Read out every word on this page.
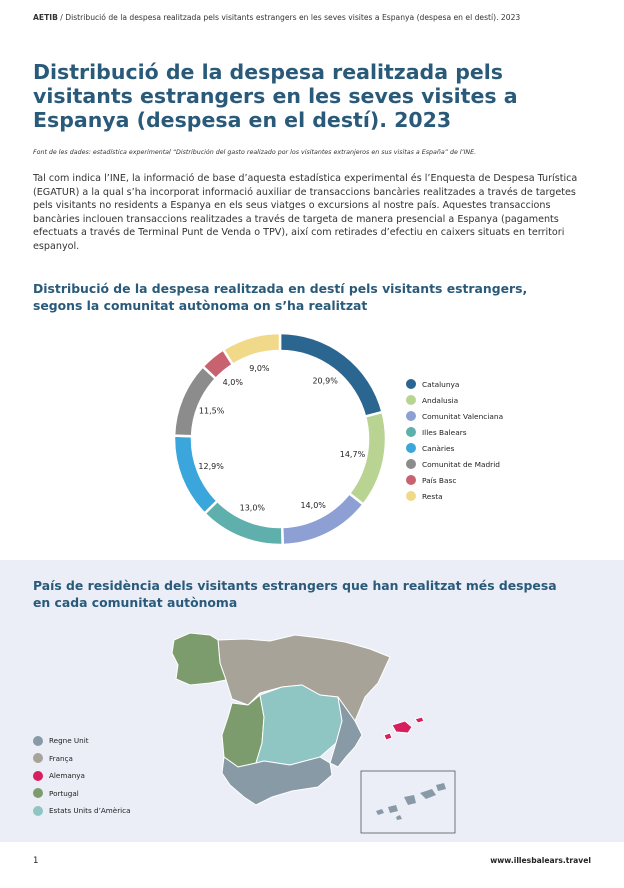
AETIB / Distribució de la despesa realitzada pels visitants estrangers en les seves visites a Espanya (despesa en el destí). 2023
Distribució de la despesa realitzada pels visitants estrangers en les seves visites a Espanya (despesa en el destí). 2023
Font de les dades: estadística experimental “Distribución del gasto realizado por los visitantes extranjeros en sus visitas a España” de l’INE.

Tal com indica l’INE, la informació de base d’aquesta estadística experimental és l’Enquesta de Despesa Turística (EGATUR) a la qual s’ha incorporat informació auxiliar de transaccions bancàries realitzades a través de targetes pels visitants no residents a Espanya en els seus viatges o excursions al nostre país. Aquestes transaccions bancàries inclouen transaccions realitzades a través de targeta de manera presencial a Espanya (pagaments efectuats a través de Terminal Punt de Venda o TPV), així com retirades d’efectiu en caixers situats en territori espanyol.

Distribució de la despesa realitzada en destí pels visitants estrangers, segons la comunitat autònoma on s’ha realitzat
20,9%
14,7%
14,0%
13,0%
12,9%
11,5%
4,0%
9,0%
Catalunya
Andalusia
Comunitat Valenciana
Illes Balears
Canàries
Comunitat de Madrid
País Basc
Resta
País de residència dels visitants estrangers que han realitzat més despesa en cada comunitat autònoma
Regne Unit
França
Alemanya
Portugal
Estats Units d’Amèrica
1	www.illesbalears.travel
